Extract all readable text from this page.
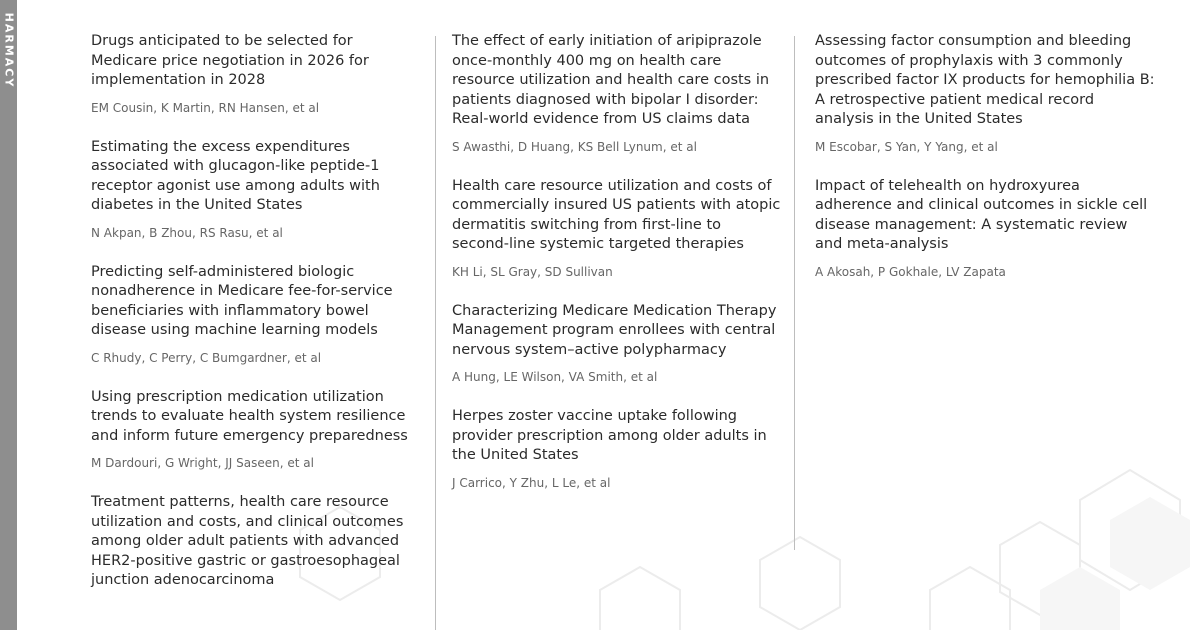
HARMACY	Drugs anticipated to be selected for Medicare price negotiation in 2026 for implementation in 2028

EM Cousin, K Martin, RN Hansen, et al

Estimating the excess expenditures associated with glucagon-like peptide-1 receptor agonist use among adults with diabetes in the United States

N Akpan, B Zhou, RS Rasu, et al

Predicting self-administered biologic nonadherence in Medicare fee-for-service beneficiaries with inflammatory bowel disease using machine learning models

C Rhudy, C Perry, C Bumgardner, et al

Using prescription medication utilization trends to evaluate health system resilience and inform future emergency preparedness

M Dardouri, G Wright, JJ Saseen, et al

Treatment patterns, health care resource utilization and costs, and clinical outcomes among older adult patients with advanced HER2-positive gastric or gastroesophageal junction adenocarcinoma

The effect of early initiation of aripiprazole once-monthly 400 mg on health care resource utilization and health care costs in patients diagnosed with bipolar I disorder: Real-world evidence from US claims data

S Awasthi, D Huang, KS Bell Lynum, et al

Health care resource utilization and costs of commercially insured US patients with atopic dermatitis switching from first-line to second-line systemic targeted therapies

KH Li, SL Gray, SD Sullivan

Characterizing Medicare Medication Therapy Management program enrollees with central nervous system–active polypharmacy

A Hung, LE Wilson, VA Smith, et al

Herpes zoster vaccine uptake following provider prescription among older adults in the United States

J Carrico, Y Zhu, L Le, et al

Assessing factor consumption and bleeding outcomes of prophylaxis with 3 commonly prescribed factor IX products for hemophilia B: A retrospective patient medical record analysis in the United States

M Escobar, S Yan, Y Yang, et al

Impact of telehealth on hydroxyurea adherence and clinical outcomes in sickle cell disease management: A systematic review and meta-analysis

A Akosah, P Gokhale, LV Zapata
